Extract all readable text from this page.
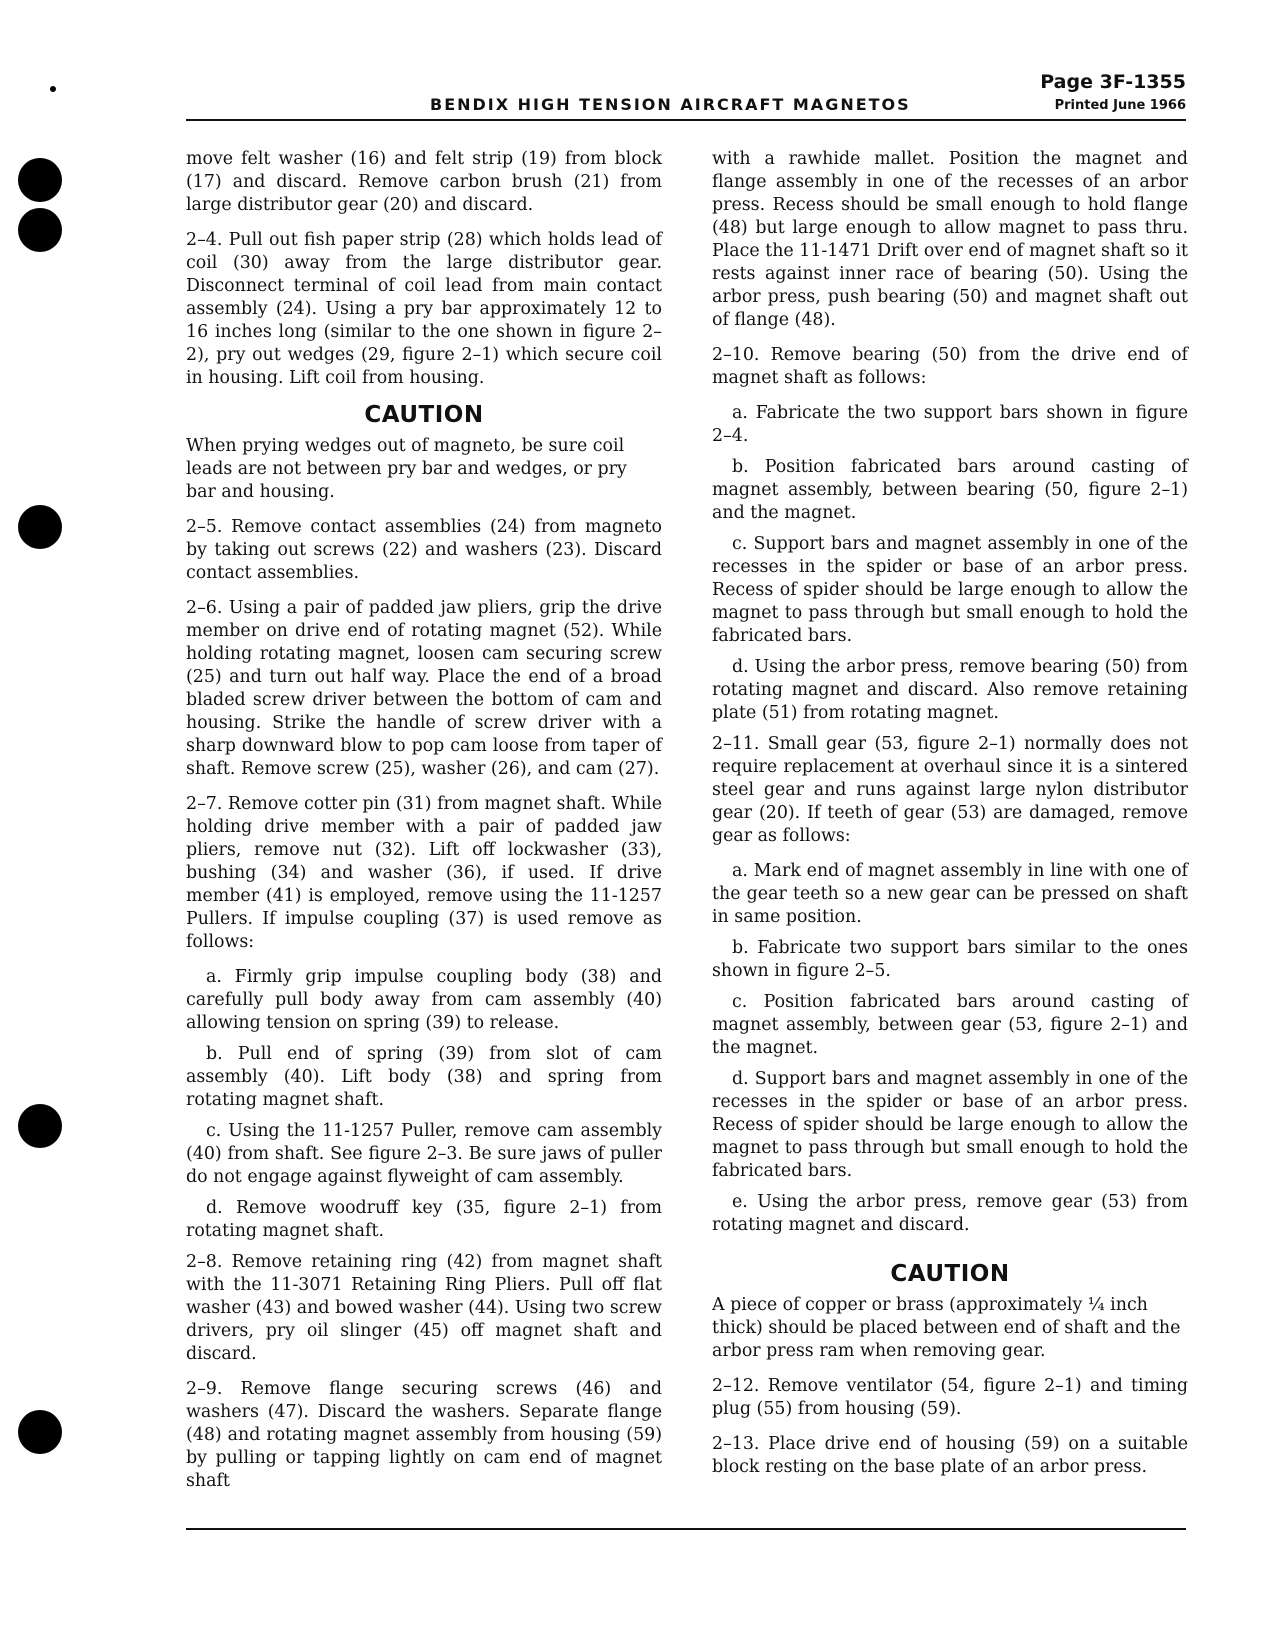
Page 3F-1355
BENDIX HIGH TENSION AIRCRAFT MAGNETOS	Printed June 1966

move felt washer (16) and felt strip (19) from block (17) and discard. Remove carbon brush (21) from large distributor gear (20) and discard.

2–4. Pull out fish paper strip (28) which holds lead of coil (30) away from the large distributor gear. Disconnect terminal of coil lead from main contact assembly (24). Using a pry bar approximately 12 to 16 inches long (similar to the one shown in figure 2–2), pry out wedges (29, figure 2–1) which secure coil in housing. Lift coil from housing.

CAUTION

When prying wedges out of magneto, be sure coil leads are not between pry bar and wedges, or pry bar and housing.

2–5. Remove contact assemblies (24) from magneto by taking out screws (22) and washers (23). Discard contact assemblies.

2–6. Using a pair of padded jaw pliers, grip the drive member on drive end of rotating magnet (52). While holding rotating magnet, loosen cam securing screw (25) and turn out half way. Place the end of a broad bladed screw driver between the bottom of cam and housing. Strike the handle of screw driver with a sharp downward blow to pop cam loose from taper of shaft. Remove screw (25), washer (26), and cam (27).

2–7. Remove cotter pin (31) from magnet shaft. While holding drive member with a pair of padded jaw pliers, remove nut (32). Lift off lockwasher (33), bushing (34) and washer (36), if used. If drive member (41) is employed, remove using the 11-1257 Pullers. If impulse coupling (37) is used remove as follows:

a. Firmly grip impulse coupling body (38) and carefully pull body away from cam assembly (40) allowing tension on spring (39) to release.

b. Pull end of spring (39) from slot of cam assembly (40). Lift body (38) and spring from rotating magnet shaft.

c. Using the 11-1257 Puller, remove cam assembly (40) from shaft. See figure 2–3. Be sure jaws of puller do not engage against flyweight of cam assembly.

d. Remove woodruff key (35, figure 2–1) from rotating magnet shaft.

2–8. Remove retaining ring (42) from magnet shaft with the 11-3071 Retaining Ring Pliers. Pull off flat washer (43) and bowed washer (44). Using two screw drivers, pry oil slinger (45) off magnet shaft and discard.

2–9. Remove flange securing screws (46) and washers (47). Discard the washers. Separate flange (48) and rotating magnet assembly from housing (59) by pulling or tapping lightly on cam end of magnet shaft

with a rawhide mallet. Position the magnet and flange assembly in one of the recesses of an arbor press. Recess should be small enough to hold flange (48) but large enough to allow magnet to pass thru. Place the 11-1471 Drift over end of magnet shaft so it rests against inner race of bearing (50). Using the arbor press, push bearing (50) and magnet shaft out of flange (48).

2–10. Remove bearing (50) from the drive end of magnet shaft as follows:

a. Fabricate the two support bars shown in figure 2–4.

b. Position fabricated bars around casting of magnet assembly, between bearing (50, figure 2–1) and the magnet.

c. Support bars and magnet assembly in one of the recesses in the spider or base of an arbor press. Recess of spider should be large enough to allow the magnet to pass through but small enough to hold the fabricated bars.

d. Using the arbor press, remove bearing (50) from rotating magnet and discard. Also remove retaining plate (51) from rotating magnet.

2–11. Small gear (53, figure 2–1) normally does not require replacement at overhaul since it is a sintered steel gear and runs against large nylon distributor gear (20). If teeth of gear (53) are damaged, remove gear as follows:

a. Mark end of magnet assembly in line with one of the gear teeth so a new gear can be pressed on shaft in same position.

b. Fabricate two support bars similar to the ones shown in figure 2–5.

c. Position fabricated bars around casting of magnet assembly, between gear (53, figure 2–1) and the magnet.

d. Support bars and magnet assembly in one of the recesses in the spider or base of an arbor press. Recess of spider should be large enough to allow the magnet to pass through but small enough to hold the fabricated bars.

e. Using the arbor press, remove gear (53) from rotating magnet and discard.

CAUTION

A piece of copper or brass (approximately ¼ inch thick) should be placed between end of shaft and the arbor press ram when removing gear.

2–12. Remove ventilator (54, figure 2–1) and timing plug (55) from housing (59).

2–13. Place drive end of housing (59) on a suitable block resting on the base plate of an arbor press.
